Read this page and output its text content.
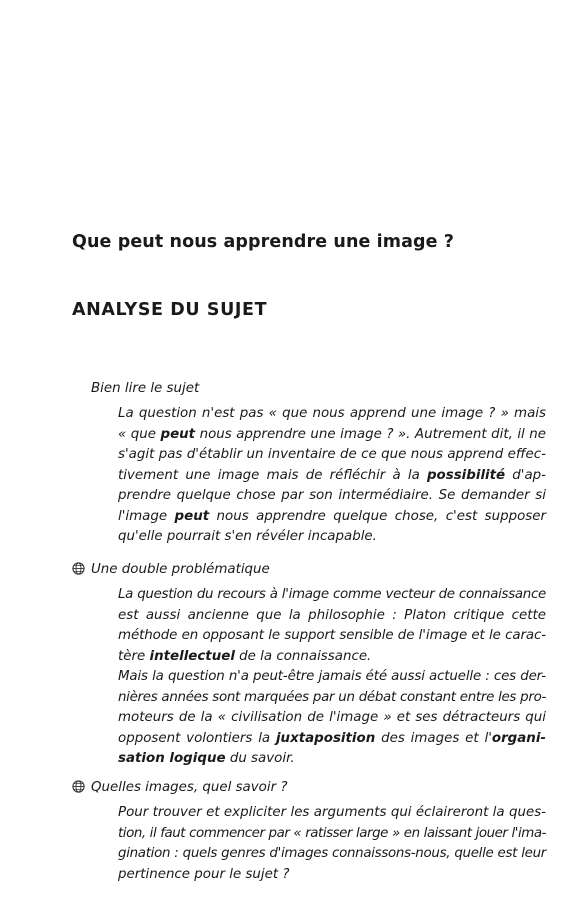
Que peut nous apprendre une image ?
ANALYSE DU SUJET
Bien lire le sujet
La question n'est pas « que nous apprend une image ? » mais
« que peut nous apprendre une image ? ». Autrement dit, il ne
s'agit pas d'établir un inventaire de ce que nous apprend effec-
tivement une image mais de réfléchir à la possibilité d'ap-
prendre quelque chose par son intermédiaire. Se demander si
l'image peut nous apprendre quelque chose, c'est supposer
qu'elle pourrait s'en révéler incapable.
Une double problématique
La question du recours à l'image comme vecteur de connaissance
est aussi ancienne que la philosophie : Platon critique cette
méthode en opposant le support sensible de l'image et le carac-
tère intellectuel de la connaissance.
Mais la question n'a peut-être jamais été aussi actuelle : ces der-
nières années sont marquées par un débat constant entre les pro-
moteurs de la « civilisation de l'image » et ses détracteurs qui
opposent volontiers la juxtaposition des images et l'organi-
sation logique du savoir.
Quelles images, quel savoir ?
Pour trouver et expliciter les arguments qui éclaireront la ques-
tion, il faut commencer par « ratisser large » en laissant jouer l'ima-
gination : quels genres d'images connaissons-nous, quelle est leur
pertinence pour le sujet ?
